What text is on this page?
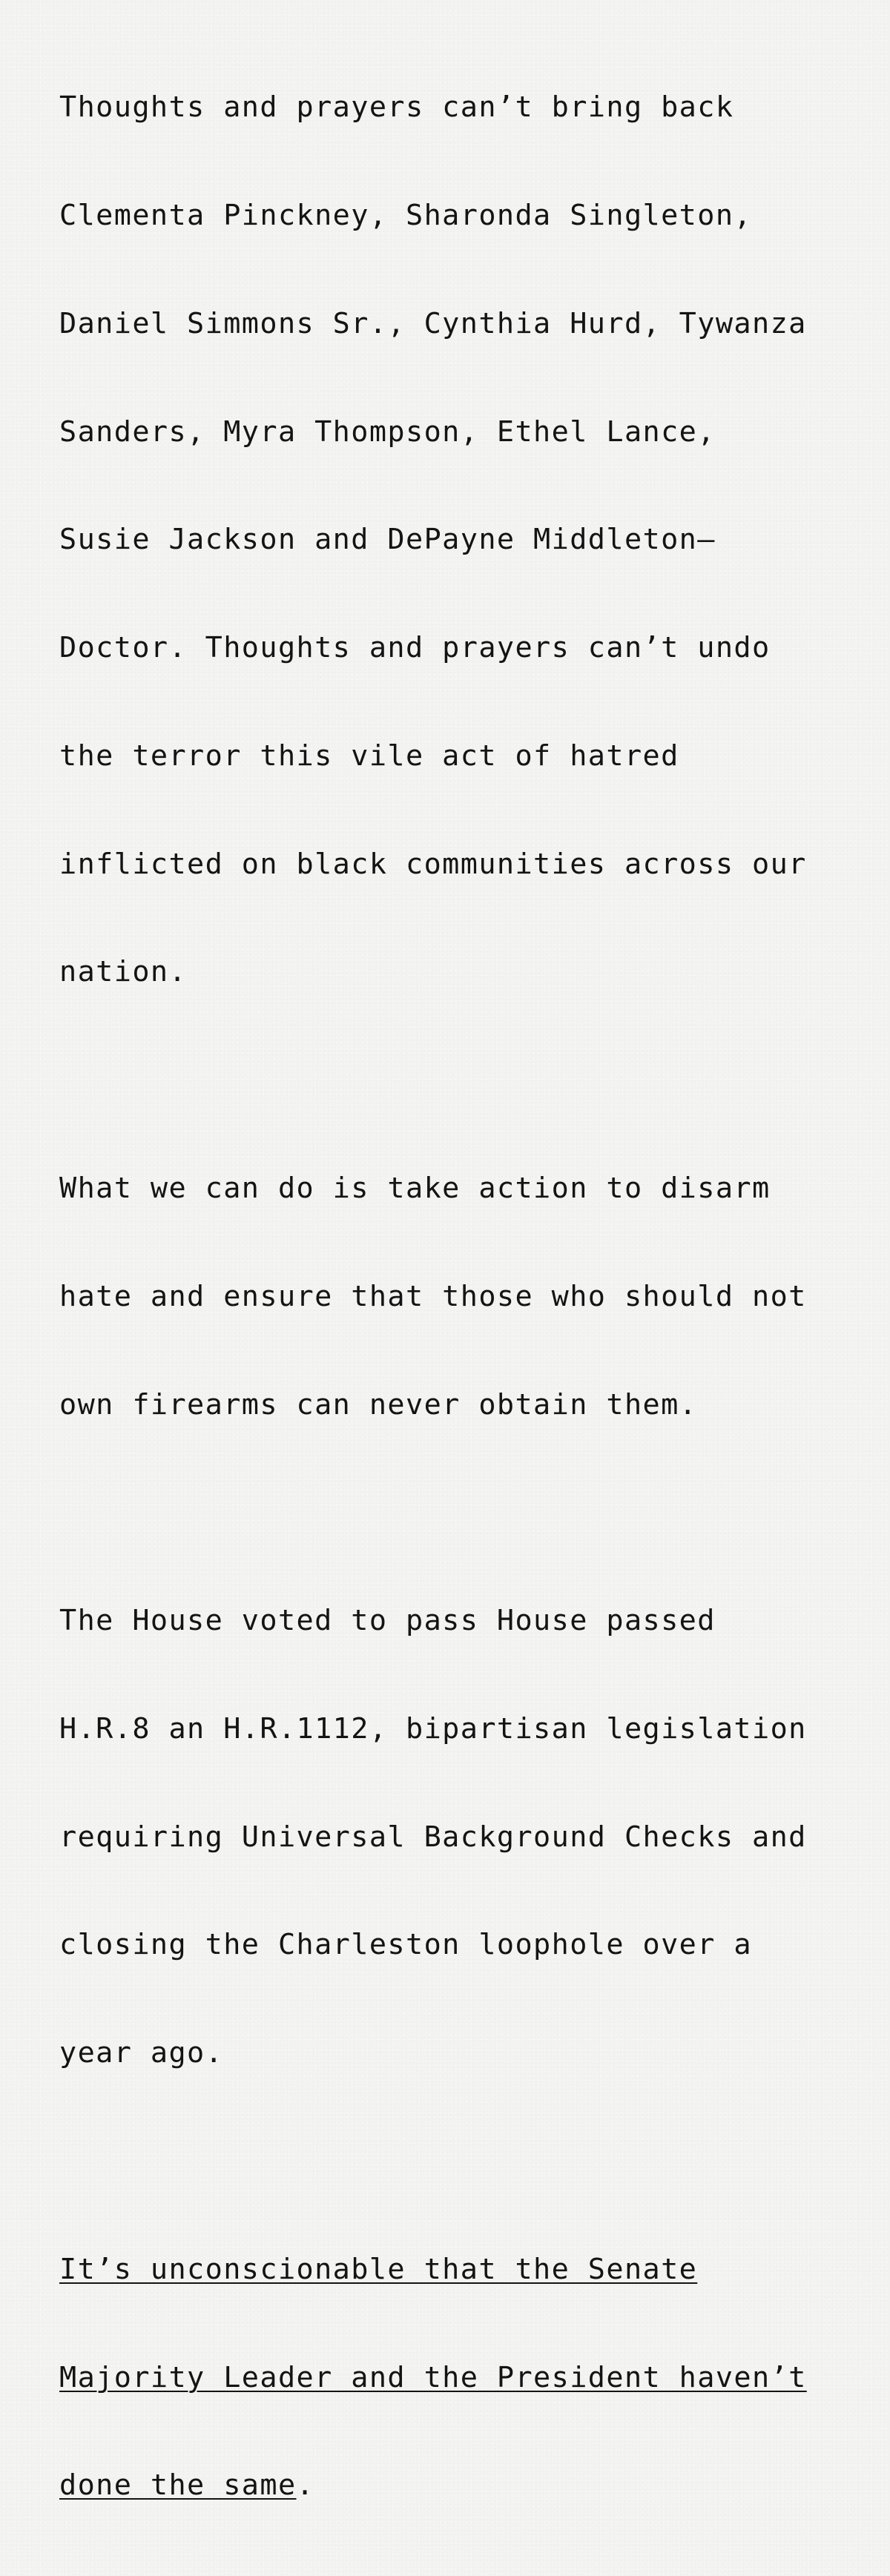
Thoughts and prayers can’t bring back

Clementa Pinckney, Sharonda Singleton,

Daniel Simmons Sr., Cynthia Hurd, Tywanza

Sanders, Myra Thompson, Ethel Lance,

Susie Jackson and DePayne Middleton–

Doctor. Thoughts and prayers can’t undo

the terror this vile act of hatred

inflicted on black communities across our

nation.

What we can do is take action to disarm

hate and ensure that those who should not

own firearms can never obtain them.

The House voted to pass House passed

H.R.8 an H.R.1112, bipartisan legislation

requiring Universal Background Checks and

closing the Charleston loophole over a

year ago.

It’s unconscionable that the Senate

Majority Leader and the President haven’t

done the same.
